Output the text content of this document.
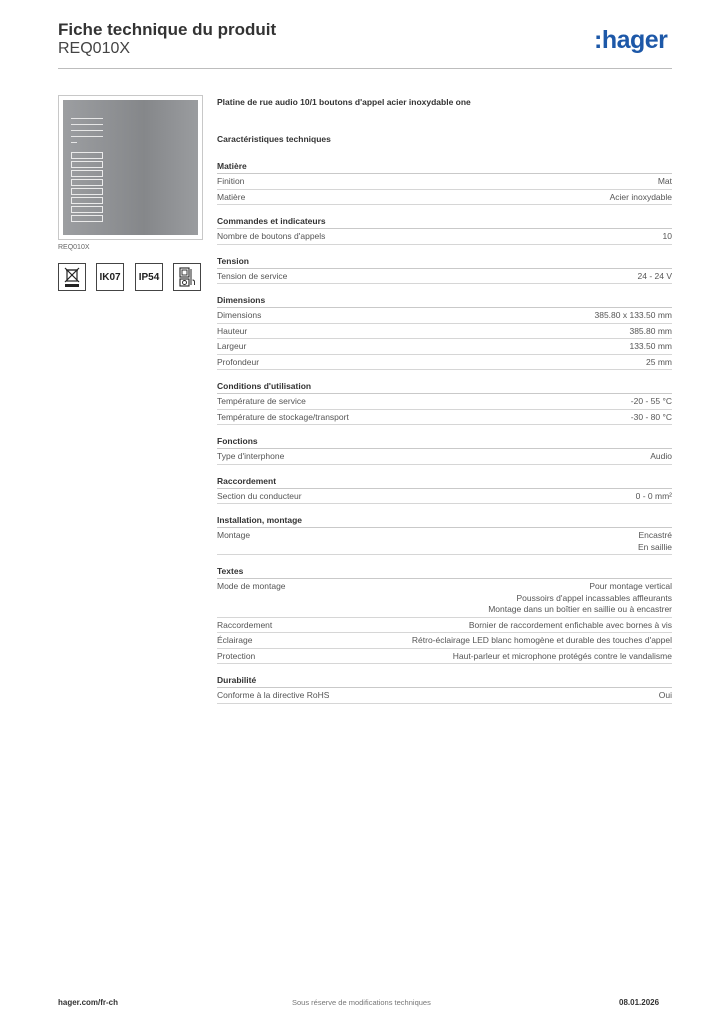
Fiche technique du produit
REQ010X	:hager
REQ010X
IK07	IP54
Platine de rue audio 10/1 boutons d'appel acier inoxydable one
Caractéristiques techniques
Matière
Finition	Mat
Matière	Acier inoxydable
Commandes et indicateurs
Nombre de boutons d'appels	10
Tension
Tension de service	24 - 24 V
Dimensions
Dimensions	385.80 x 133.50 mm
Hauteur	385.80 mm
Largeur	133.50 mm
Profondeur	25 mm
Conditions d'utilisation
Température de service	-20 - 55 °C
Température de stockage/transport	-30 - 80 °C
Fonctions
Type d'interphone	Audio
Raccordement
Section du conducteur	0 - 0 mm²
Installation, montage
Montage	Encastré
En saillie
Textes
Mode de montage	Pour montage vertical
Poussoirs d'appel incassables affleurants
Montage dans un boîtier en saillie ou à encastrer
Raccordement	Bornier de raccordement enfichable avec bornes à vis
Éclairage	Rétro-éclairage LED blanc homogène et durable des touches d'appel
Protection	Haut-parleur et microphone protégés contre le vandalisme
Durabilité
Conforme à la directive RoHS	Oui
hager.com/fr-ch	Sous réserve de modifications techniques	08.01.2026
